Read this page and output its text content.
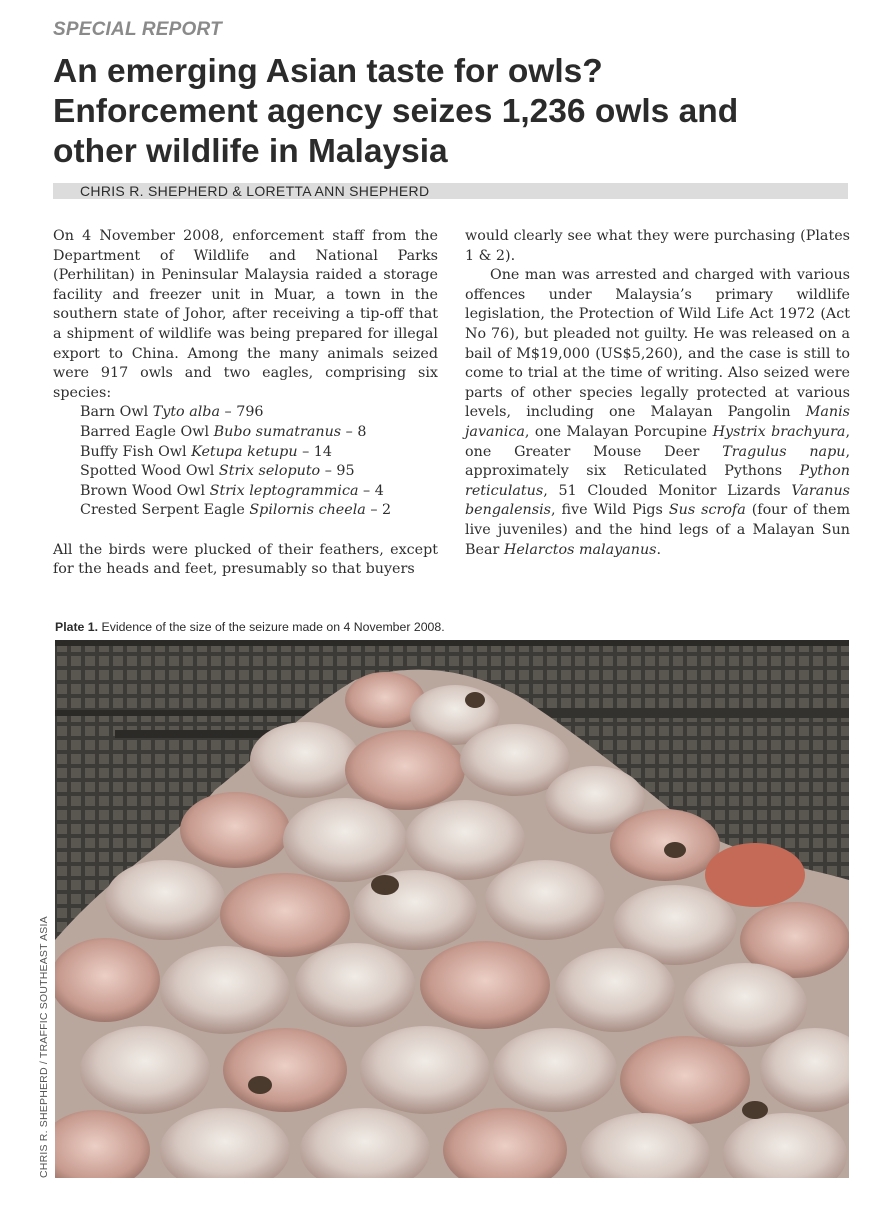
SPECIAL REPORT
An emerging Asian taste for owls?
Enforcement agency seizes 1,236 owls and
other wildlife in Malaysia
CHRIS R. SHEPHERD & LORETTA ANN SHEPHERD

On 4 November 2008, enforcement staff from the Department of Wildlife and National Parks (Perhilitan) in Peninsular Malaysia raided a storage facility and freezer unit in Muar, a town in the southern state of Johor, after receiving a tip-off that a shipment of wildlife was being prepared for illegal export to China. Among the many animals seized were 917 owls and two eagles, comprising six species:

Barn Owl Tyto alba – 796
Barred Eagle Owl Bubo sumatranus – 8
Buffy Fish Owl Ketupa ketupu – 14
Spotted Wood Owl Strix seloputo – 95
Brown Wood Owl Strix leptogrammica – 4
Crested Serpent Eagle Spilornis cheela – 2

All the birds were plucked of their feathers, except for the heads and feet, presumably so that buyers

would clearly see what they were purchasing (Plates 1 & 2).

One man was arrested and charged with various offences under Malaysia’s primary wildlife legislation, the Protection of Wild Life Act 1972 (Act No 76), but pleaded not guilty. He was released on a bail of M$19,000 (US$5,260), and the case is still to come to trial at the time of writing. Also seized were parts of other species legally protected at various levels, including one Malayan Pangolin Manis javanica, one Malayan Porcupine Hystrix brachyura, one Greater Mouse Deer Tragulus napu, approximately six Reticulated Pythons Python reticulatus, 51 Clouded Monitor Lizards Varanus bengalensis, five Wild Pigs Sus scrofa (four of them live juveniles) and the hind legs of a Malayan Sun Bear Helarctos malayanus.

Plate 1. Evidence of the size of the seizure made on 4 November 2008.
CHRIS R. SHEPHERD / TRAFFIC SOUTHEAST ASIA
